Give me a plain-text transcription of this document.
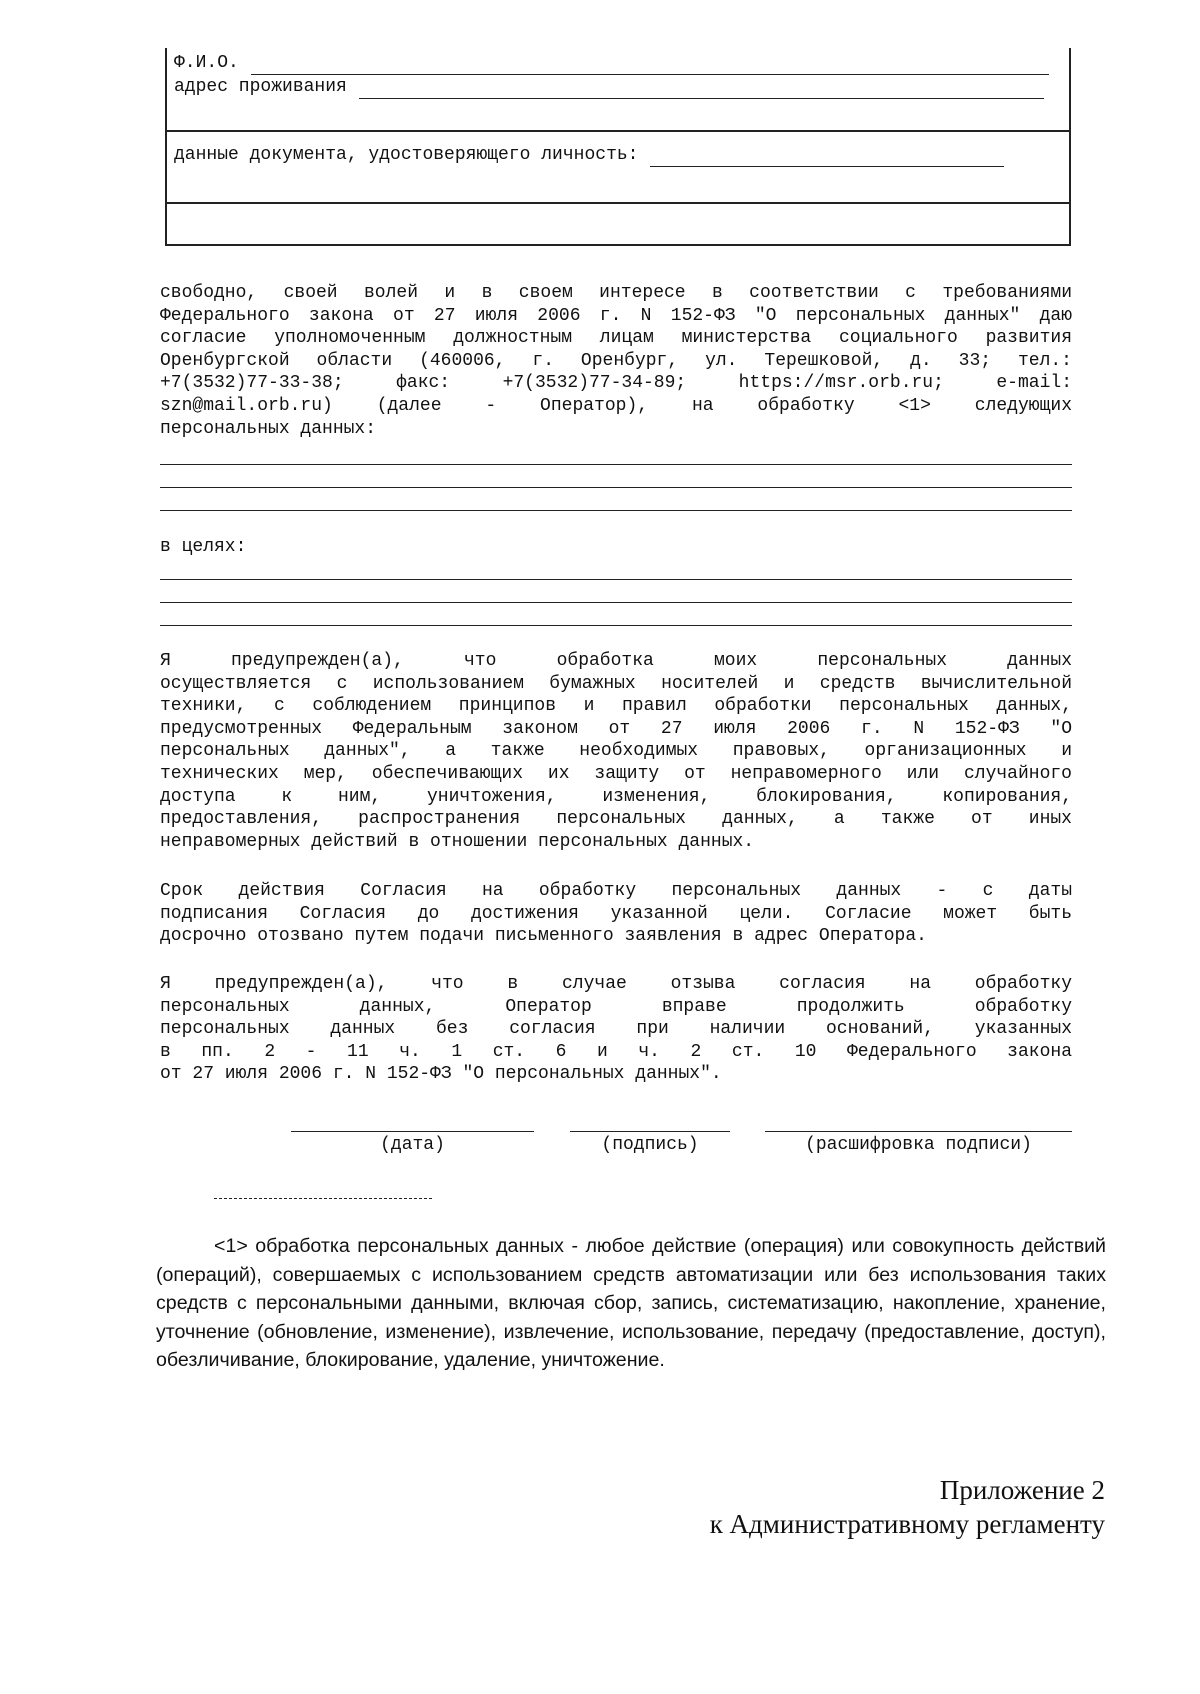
Ф.И.О.
адрес проживания
данные документа, удостоверяющего личность:
свободно, своей волей и в своем интересе в соответствии с требованиями
Федерального закона от 27 июля 2006 г. N 152-ФЗ "О персональных данных" даю
согласие уполномоченным должностным лицам министерства социального развития
Оренбургской области (460006, г. Оренбург, ул. Терешковой, д. 33; тел.:
+7(3532)77-33-38; факс: +7(3532)77-34-89; https://msr.orb.ru; e-mail:
szn@mail.orb.ru) (далее - Оператор), на обработку <1> следующих
персональных данных:
в целях:
Я предупрежден(а), что обработка моих персональных данных
осуществляется с использованием бумажных носителей и средств вычислительной
техники, с соблюдением принципов и правил обработки персональных данных,
предусмотренных Федеральным законом от 27 июля 2006 г. N 152-ФЗ "О
персональных данных", а также необходимых правовых, организационных и
технических мер, обеспечивающих их защиту от неправомерного или случайного
доступа к ним, уничтожения, изменения, блокирования, копирования,
предоставления, распространения персональных данных, а также от иных
неправомерных действий в отношении персональных данных.
Срок действия Согласия на обработку персональных данных - с даты
подписания Согласия до достижения указанной цели. Согласие может быть
досрочно отозвано путем подачи письменного заявления в адрес Оператора.
Я предупрежден(а), что в случае отзыва согласия на обработку
персональных данных, Оператор вправе продолжить обработку
персональных данных без согласия при наличии оснований, указанных
в пп. 2 - 11 ч. 1 ст. 6 и ч. 2 ст. 10 Федерального закона
от 27 июля 2006 г. N 152-ФЗ "О персональных данных".
(дата)	(подпись)	(расшифровка подписи)
<1> обработка персональных данных - любое действие (операция) или совокупность действий (операций), совершаемых с использованием средств автоматизации или без использования таких средств с персональными данными, включая сбор, запись, систематизацию, накопление, хранение, уточнение (обновление, изменение), извлечение, использование, передачу (предоставление, доступ), обезличивание, блокирование, удаление, уничтожение.
Приложение 2
к Административному регламенту
